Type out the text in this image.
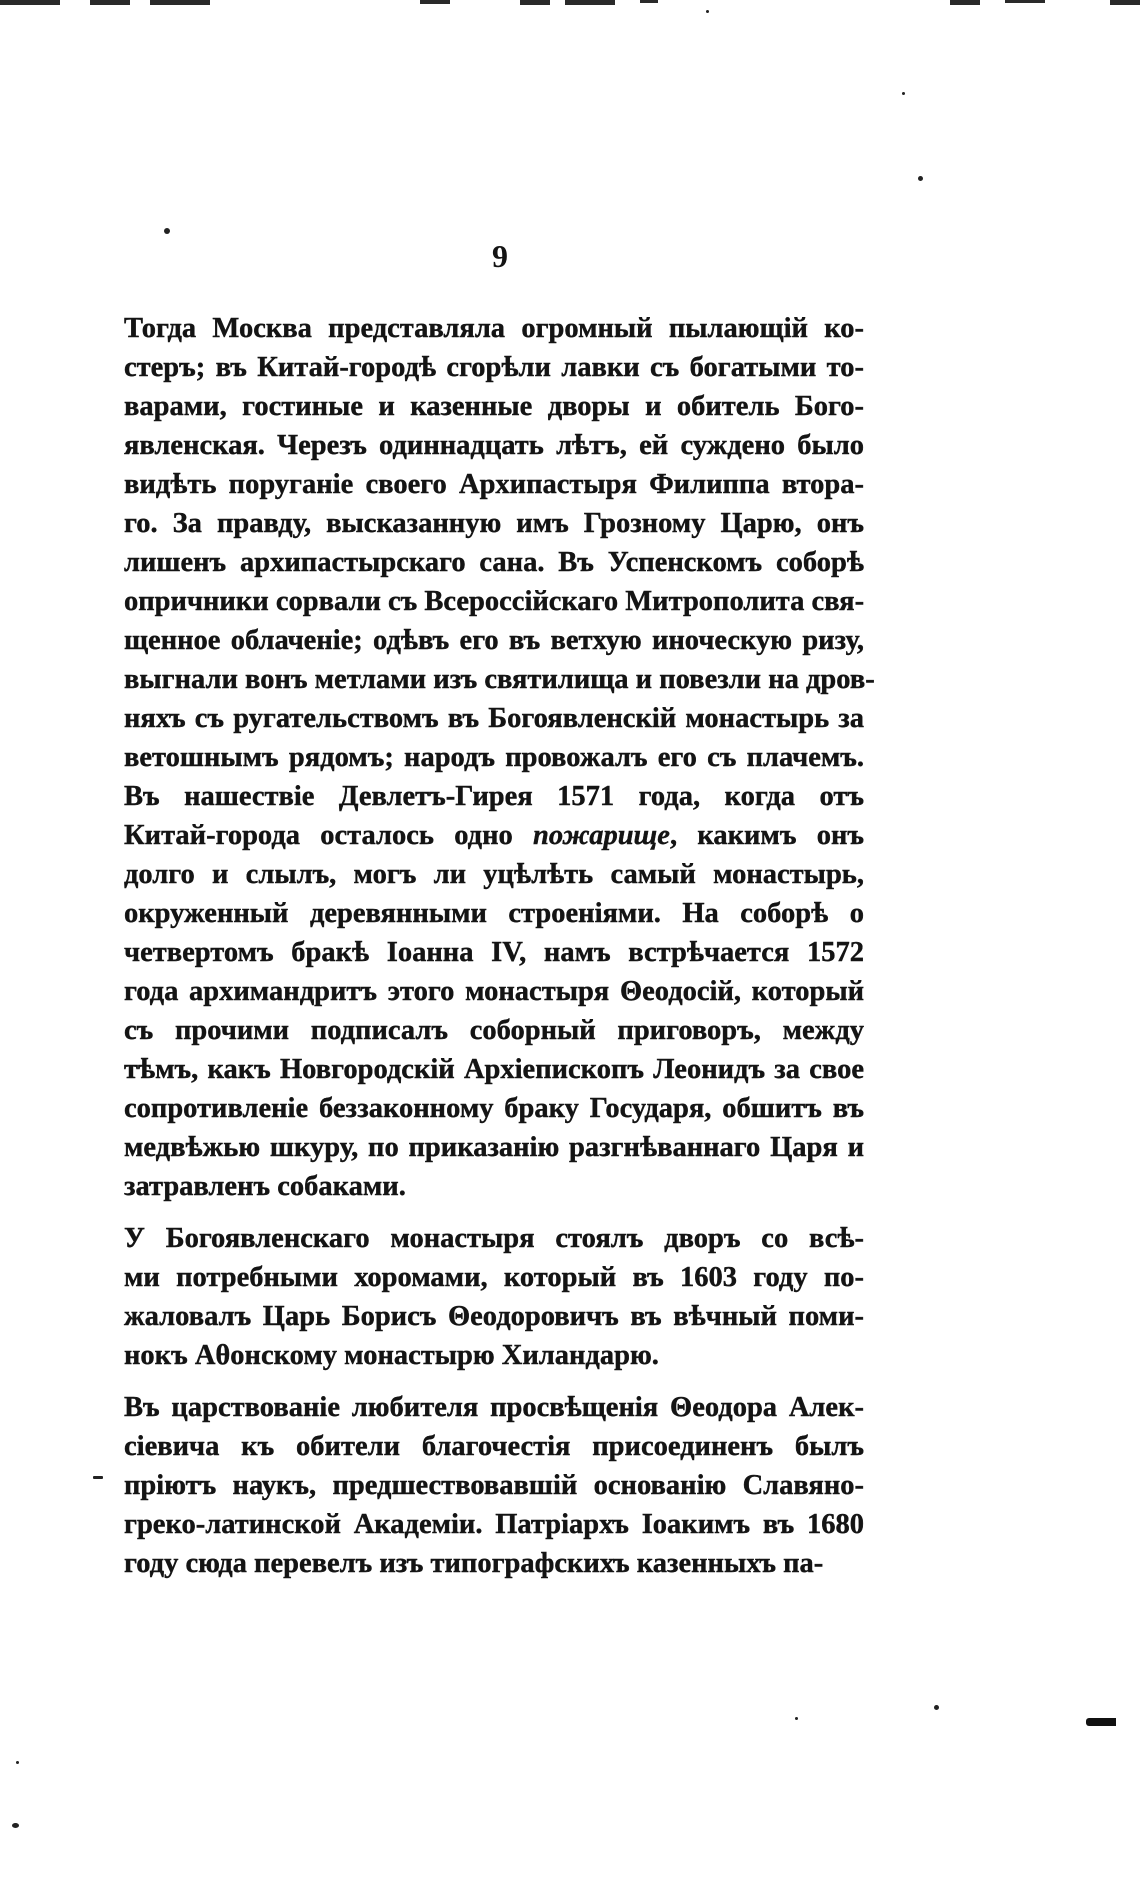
9
Тогда Москва представляла огромный пылающій ко-
стеръ; въ Китай-городѣ сгорѣли лавки съ богатыми то-
варами, гостиные и казенные дворы и обитель Бого-
явленская. Черезъ одиннадцать лѣтъ, ей суждено было
видѣть поруганіе своего Архипастыря Филиппа втора-
го. За правду, высказанную имъ Грозному Царю, онъ
лишенъ архипастырскаго сана. Въ Успенскомъ соборѣ
опричники сорвали съ Всероссійскаго Митрополита свя-
щенное облаченіе; одѣвъ его въ ветхую иноческую ризу,
выгнали вонъ метлами изъ святилища и повезли на дров-
няхъ съ ругательствомъ въ Богоявленскій монастырь за
ветошнымъ рядомъ; народъ провожалъ его съ плачемъ.
Въ нашествіе Девлетъ-Гирея 1571 года, когда отъ
Китай-города осталось одно пожарище, какимъ онъ
долго и слылъ, могъ ли уцѣлѣть самый монастырь,
окруженный деревянными строеніями. На соборѣ о
четвертомъ бракѣ Іоанна IV, намъ встрѣчается 1572
года архимандритъ этого монастыря Θеодосій, который
съ прочими подписалъ соборный приговоръ, между
тѣмъ, какъ Новгородскій Архіепископъ Леонидъ за свое
сопротивленіе беззаконному браку Государя, обшитъ въ
медвѣжью шкуру, по приказанію разгнѣваннаго Царя и
затравленъ собаками.
У Богоявленскаго монастыря стоялъ дворъ со всѣ-
ми потребными хоромами, который въ 1603 году по-
жаловалъ Царь Борисъ Θеодоровичъ въ вѣчный поми-
нокъ Аθонскому монастырю Хиландарю.
Въ царствованіе любителя просвѣщенія Θеодора Алек-
сіевича къ обители благочестія присоединенъ былъ
пріютъ наукъ, предшествовавшій основанію Славяно-
греко-латинской Академіи. Патріархъ Іоакимъ въ 1680
году сюда перевелъ изъ типографскихъ казенныхъ па-
